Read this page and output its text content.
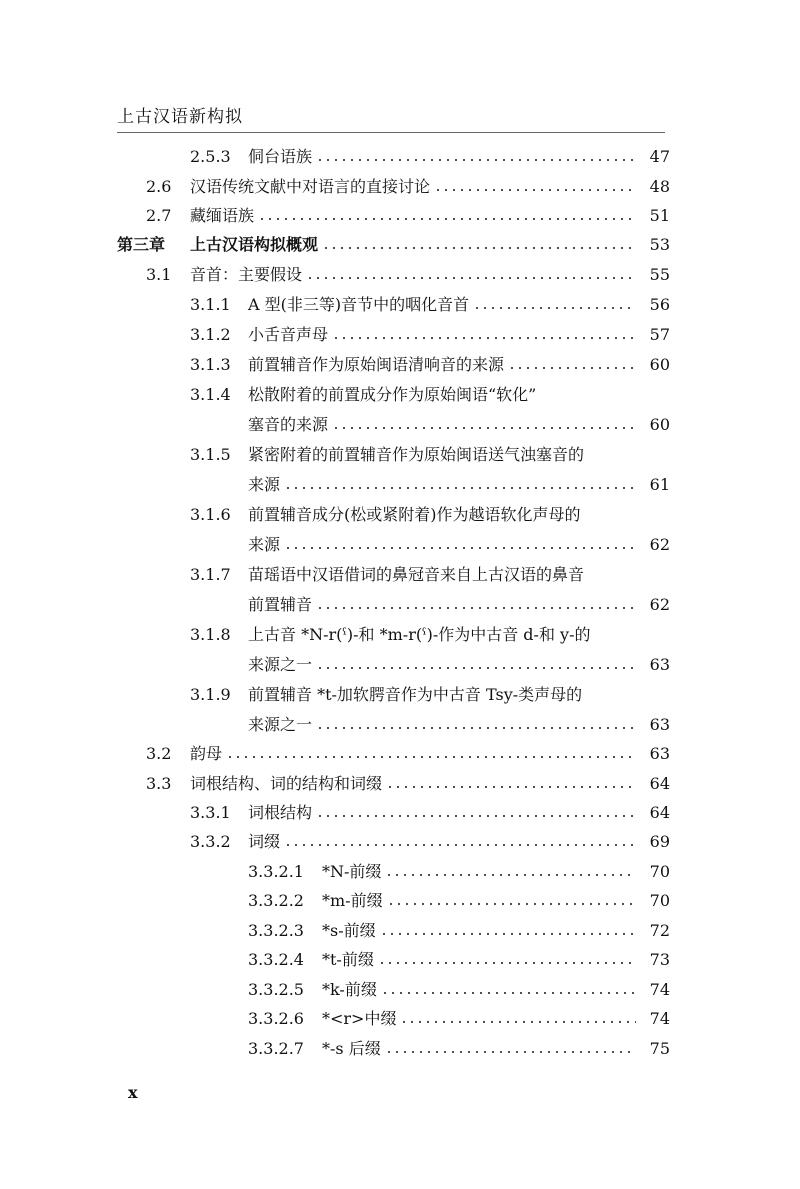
上古汉语新构拟
2.5.3 侗台语族	47
2.6 汉语传统文献中对语言的直接讨论	48
2.7 藏缅语族	51
第三章 上古汉语构拟概观	53
3.1 音首：主要假设	55
3.1.1 A 型(非三等)音节中的咽化音首	56
3.1.2 小舌音声母	57
3.1.3 前置辅音作为原始闽语清响音的来源	60
3.1.4 松散附着的前置成分作为原始闽语“软化”
塞音的来源	60
3.1.5 紧密附着的前置辅音作为原始闽语送气浊塞音的
来源	61
3.1.6 前置辅音成分(松或紧附着)作为越语软化声母的
来源	62
3.1.7 苗瑶语中汉语借词的鼻冠音来自上古汉语的鼻音
前置辅音	62
3.1.8 上古音 *N-r(ˤ)-和 *m-r(ˤ)-作为中古音 d-和 y-的
来源之一	63
3.1.9 前置辅音 *t-加软腭音作为中古音 Tsy-类声母的
来源之一	63
3.2 韵母	63
3.3 词根结构、词的结构和词缀	64
3.3.1 词根结构	64
3.3.2 词缀	69
3.3.2.1 *N-前缀	70
3.3.2.2 *m-前缀	70
3.3.2.3 *s-前缀	72
3.3.2.4 *t-前缀	73
3.3.2.5 *k-前缀	74
3.3.2.6 *<r>中缀	74
3.3.2.7 *-s 后缀	75
x
